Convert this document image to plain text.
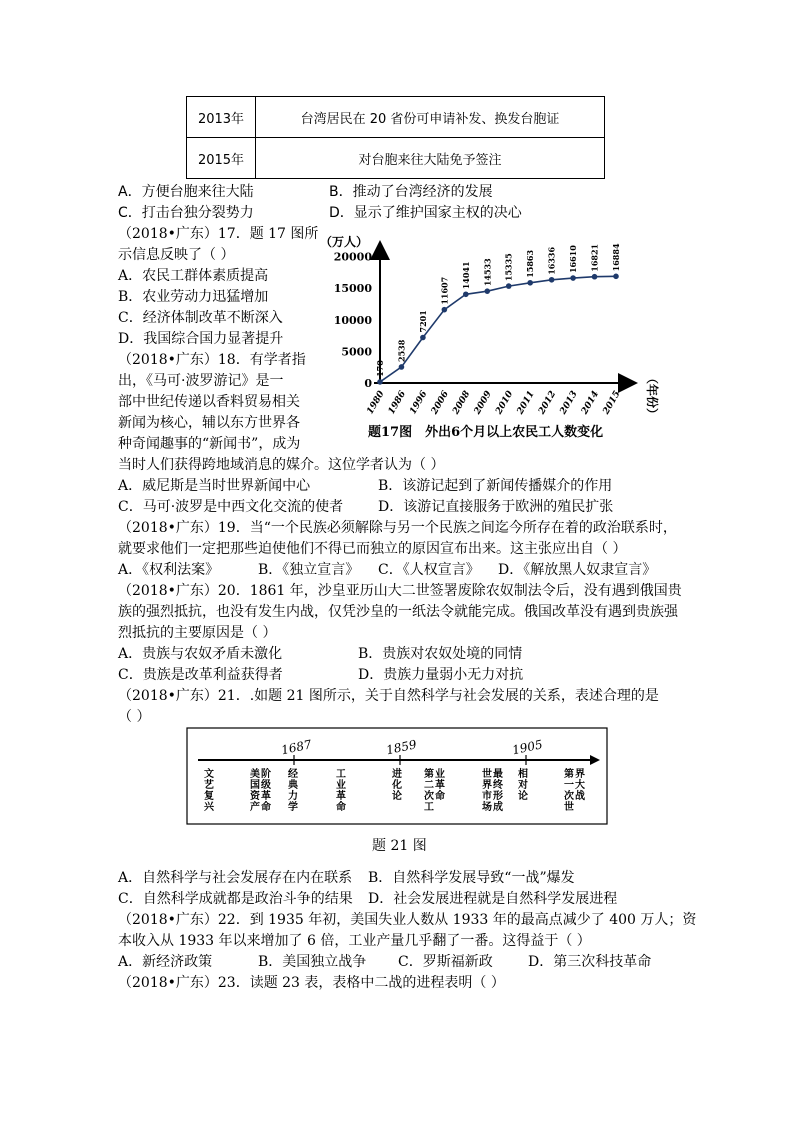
2013年	台湾居民在 20 省份可申请补发、换发台胞证
2015年	对台胞来往大陆免予签注
A．方便台胞来往大陆	B．推动了台湾经济的发展
C．打击台独分裂势力	D．显示了维护国家主权的决心
（2018•广东）17．题 17 图所
示信息反映了（ ）
A．农民工群体素质提高
B．农业劳动力迅猛增加
C．经济体制改革不断深入
D．我国综合国力显著提升
（万人）
（年份）
0
5000
10000
15000
20000
1980 1986 1996 2006 2008 2009 2010 2011 2012 2013 2014 2015
170
2538
7201
11607
14041 14533 15335 15863 16336 16610 16821 16884
题17图　外出6个月以上农民工人数变化
（2018•广东）18．有学者指
出，《马可·波罗游记》是一
部中世纪传递以香料贸易相关
新闻为核心，辅以东方世界各
种奇闻趣事的“新闻书”，成为
当时人们获得跨地域消息的媒介。这位学者认为（ ）
A．威尼斯是当时世界新闻中心	B．该游记起到了新闻传播媒介的作用
C．马可·波罗是中西文化交流的使者 D．该游记直接服务于欧洲的殖民扩张
（2018•广东）19．当“一个民族必须解除与另一个民族之间迄今所存在着的政治联系时，
就要求他们一定把那些迫使他们不得已而独立的原因宣布出来。这主张应出自（ ）
A．《权利法案》	B．《独立宣言》 C．《人权宣言》 D．《解放黑人奴隶宣言》
（2018•广东）20．1861 年，沙皇亚历山大二世签署废除农奴制法令后，没有遇到俄国贵
族的强烈抵抗，也没有发生内战，仅凭沙皇的一纸法令就能完成。俄国改革没有遇到贵族强
烈抵抗的主要原因是（ ）
A．贵族与农奴矛盾未激化	B．贵族对农奴处境的同情
C．贵族是改革利益获得者	D．贵族力量弱小无力对抗
（2018•广东）21．.如题 21 图所示，关于自然科学与社会发展的关系，表述合理的是
（ ）
1687	1859	1905
文艺复兴
美国资产阶级革命
经典力学
工业革命
进化论
第二次工业革命
世界市场最终形成
相对论
第一次世界大战
题 21 图
A．自然科学与社会发展存在内在联系 B．自然科学发展导致“一战”爆发
C．自然科学成就都是政治斗争的结果 D．社会发展进程就是自然科学发展进程
（2018•广东）22．到 1935 年初，美国失业人数从 1933 年的最高点减少了 400 万人；资
本收入从 1933 年以来增加了 6 倍，工业产量几乎翻了一番。这得益于（ ）
A．新经济政策	B．美国独立战争 C．罗斯福新政	D．第三次科技革命
（2018•广东）23．读题 23 表，表格中二战的进程表明（ ）
